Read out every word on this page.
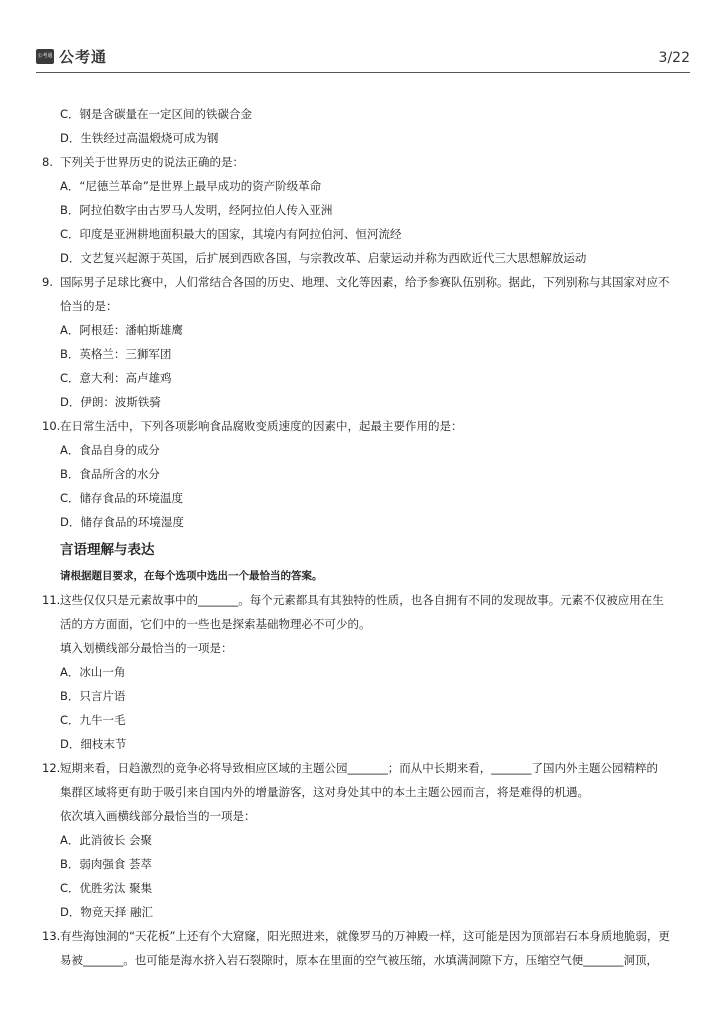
公考通 公考通	3/22
C．钢是含碳量在一定区间的铁碳合金
D．生铁经过高温煅烧可成为钢
8. 下列关于世界历史的说法正确的是：
A．“尼德兰革命”是世界上最早成功的资产阶级革命
B．阿拉伯数字由古罗马人发明，经阿拉伯人传入亚洲
C．印度是亚洲耕地面积最大的国家，其境内有阿拉伯河、恒河流经
D．文艺复兴起源于英国，后扩展到西欧各国，与宗教改革、启蒙运动并称为西欧近代三大思想解放运动
9. 国际男子足球比赛中，人们常结合各国的历史、地理、文化等因素，给予参赛队伍别称。据此，下列别称与其国家对应不
恰当的是：
A．阿根廷：潘帕斯雄鹰
B．英格兰：三狮军团
C．意大利：高卢雄鸡
D．伊朗：波斯铁骑
10. 在日常生活中，下列各项影响食品腐败变质速度的因素中，起最主要作用的是：
A．食品自身的成分
B．食品所含的水分
C．储存食品的环境温度
D．储存食品的环境湿度
言语理解与表达
请根据题目要求，在每个选项中选出一个最恰当的答案。
11. 这些仅仅只是元素故事中的_______。每个元素都具有其独特的性质，也各自拥有不同的发现故事。元素不仅被应用在生
活的方方面面，它们中的一些也是探索基础物理必不可少的。
填入划横线部分最恰当的一项是：
A．冰山一角
B．只言片语
C．九牛一毛
D．细枝末节
12. 短期来看，日趋激烈的竞争必将导致相应区域的主题公园_______；而从中长期来看，_______了国内外主题公园精粹的
集群区域将更有助于吸引来自国内外的增量游客，这对身处其中的本土主题公园而言，将是难得的机遇。
依次填入画横线部分最恰当的一项是：
A．此消彼长 会聚
B．弱肉强食 荟萃
C．优胜劣汰 聚集
D．物竞天择 融汇
13. 有些海蚀洞的“天花板”上还有个大窟窿，阳光照进来，就像罗马的万神殿一样，这可能是因为顶部岩石本身质地脆弱，更
易被_______。也可能是海水挤入岩石裂隙时，原本在里面的空气被压缩，水填满洞隙下方，压缩空气便_______洞顶，
